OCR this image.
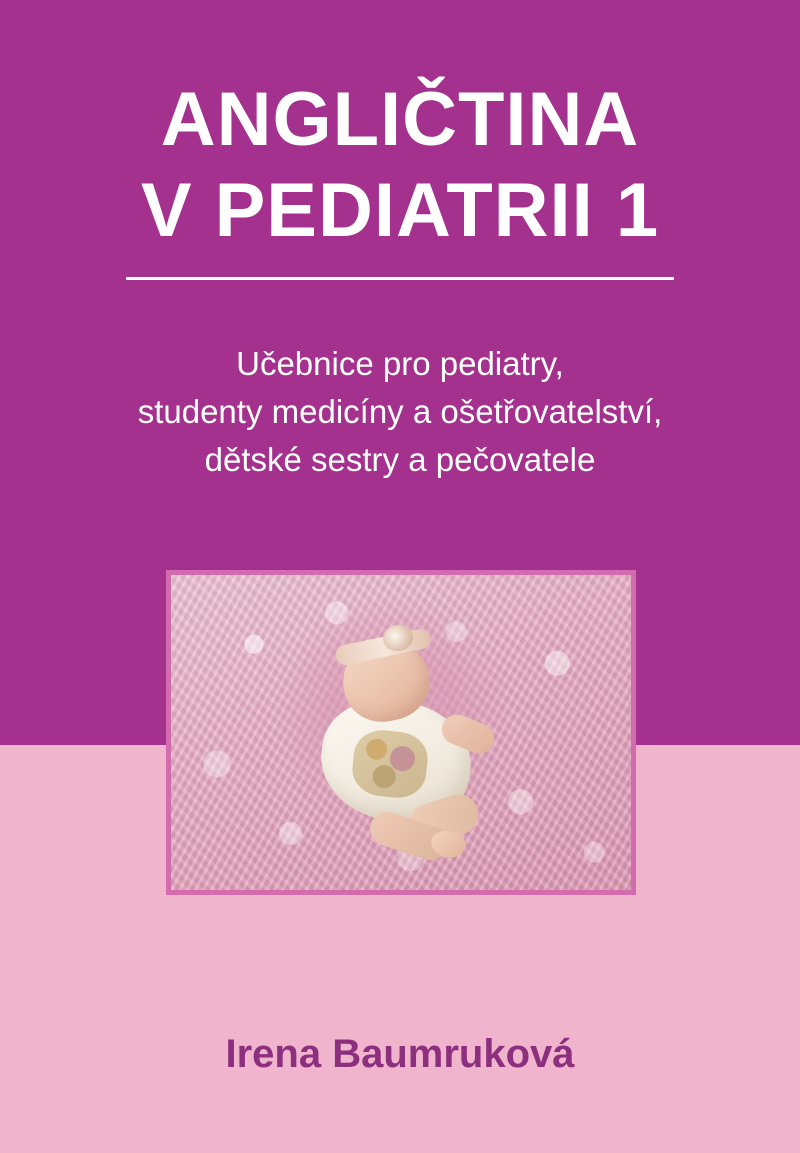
ANGLIČTINA
V PEDIATRII 1
Učebnice pro pediatry,
studenty medicíny a ošetřovatelství,
dětské sestry a pečovatele
Irena Baumruková
